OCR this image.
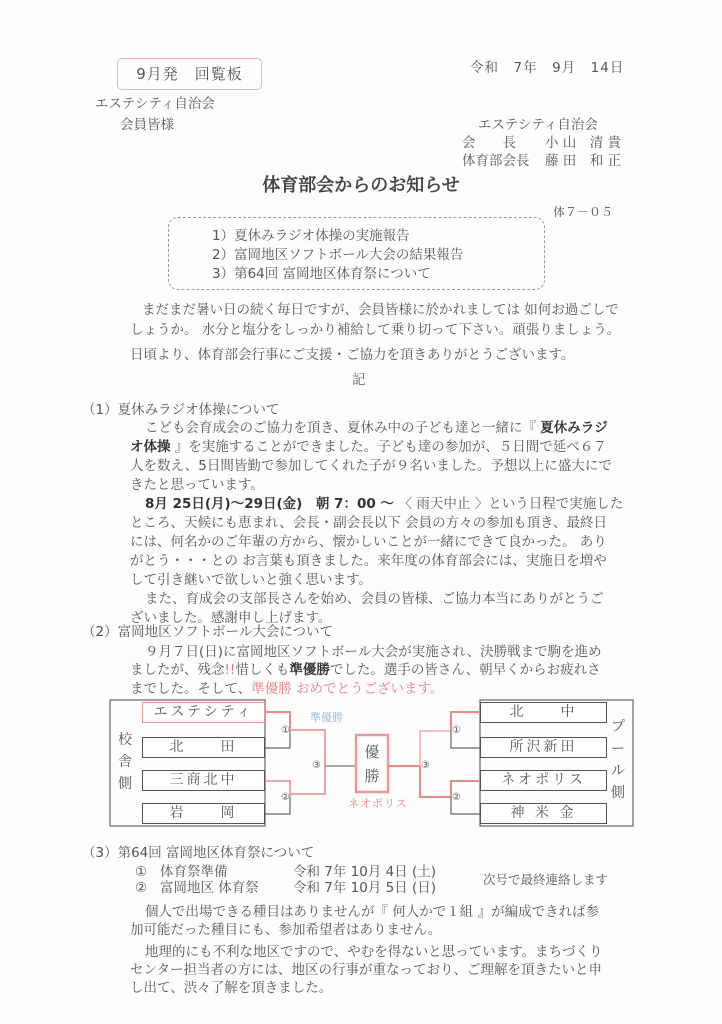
9月発　回覧板	令和　7年　9月　14日
エステシティ自治会
会員皆様	エステシティ自治会
会　　長 小 山　清 貴
体育部会長 藤 田　和 正
体育部会からのお知らせ
体７－０５
1）夏休みラジオ体操の実施報告
2）富岡地区ソフトボール大会の結果報告
3）第64回 富岡地区体育祭について
まだまだ暑い日の続く毎日ですが、会員皆様に於かれましては 如何お過ごしで
しょうか。 水分と塩分をしっかり補給して乗り切って下さい。頑張りましょう。
日頃より、体育部会行事にご支援・ご協力を頂きありがとうございます。
記
（1）夏休みラジオ体操について
こども会育成会のご協力を頂き、夏休み中の子ども達と一緒に『 夏休みラジ
オ体操 』を実施することができました。子ども達の参加が、５日間で延べ６７
人を数え、5日間皆勤で参加してくれた子が９名いました。予想以上に盛大にで
きたと思っています。
8月 25日(月)～29日(金)　朝 7：00 ～ 〈 雨天中止 〉という日程で実施した
ところ、天候にも恵まれ、会長・副会長以下 会員の方々の参加も頂き、最終日
には、何名かのご年輩の方から、懐かしいことが一緒にできて良かった。 あり
がとう・・・との お言葉も頂きました。来年度の体育部会には、実施日を増や
して引き継いで欲しいと強く思います。
また、育成会の支部長さんを始め、会員の皆様、ご協力本当にありがとうご
ざいました。感謝申し上げます。
（2）富岡地区ソフトボール大会について
９月７日(日)に富岡地区ソフトボール大会が実施され、決勝戦まで駒を進め
ましたが、残念!!惜しくも準優勝でした。選手の皆さん、朝早くからお疲れさ
までした。そして、準優勝 おめでとうございます。
校舎側
プール側
エステシティ
北　　田
三商北中
岩　　岡
北　　中
所沢新田
ネオポリス
神 米 金
優勝
準優勝
ネオポリス
①
②
③
①
②
③
（3）第64回 富岡地区体育祭について
① 体育祭準備	令和 7年 10月 4日 (土)
② 富岡地区 体育祭	令和 7年 10月 5日 (日)
次号で最終連絡します
個人で出場できる種目はありませんが『 何人かで１組 』が編成できれば参
加可能だった種目にも、参加希望者はありません。
地理的にも不利な地区ですので、やむを得ないと思っています。まちづくり
センター担当者の方には、地区の行事が重なっており、ご理解を頂きたいと申
し出て、渋々了解を頂きました。
